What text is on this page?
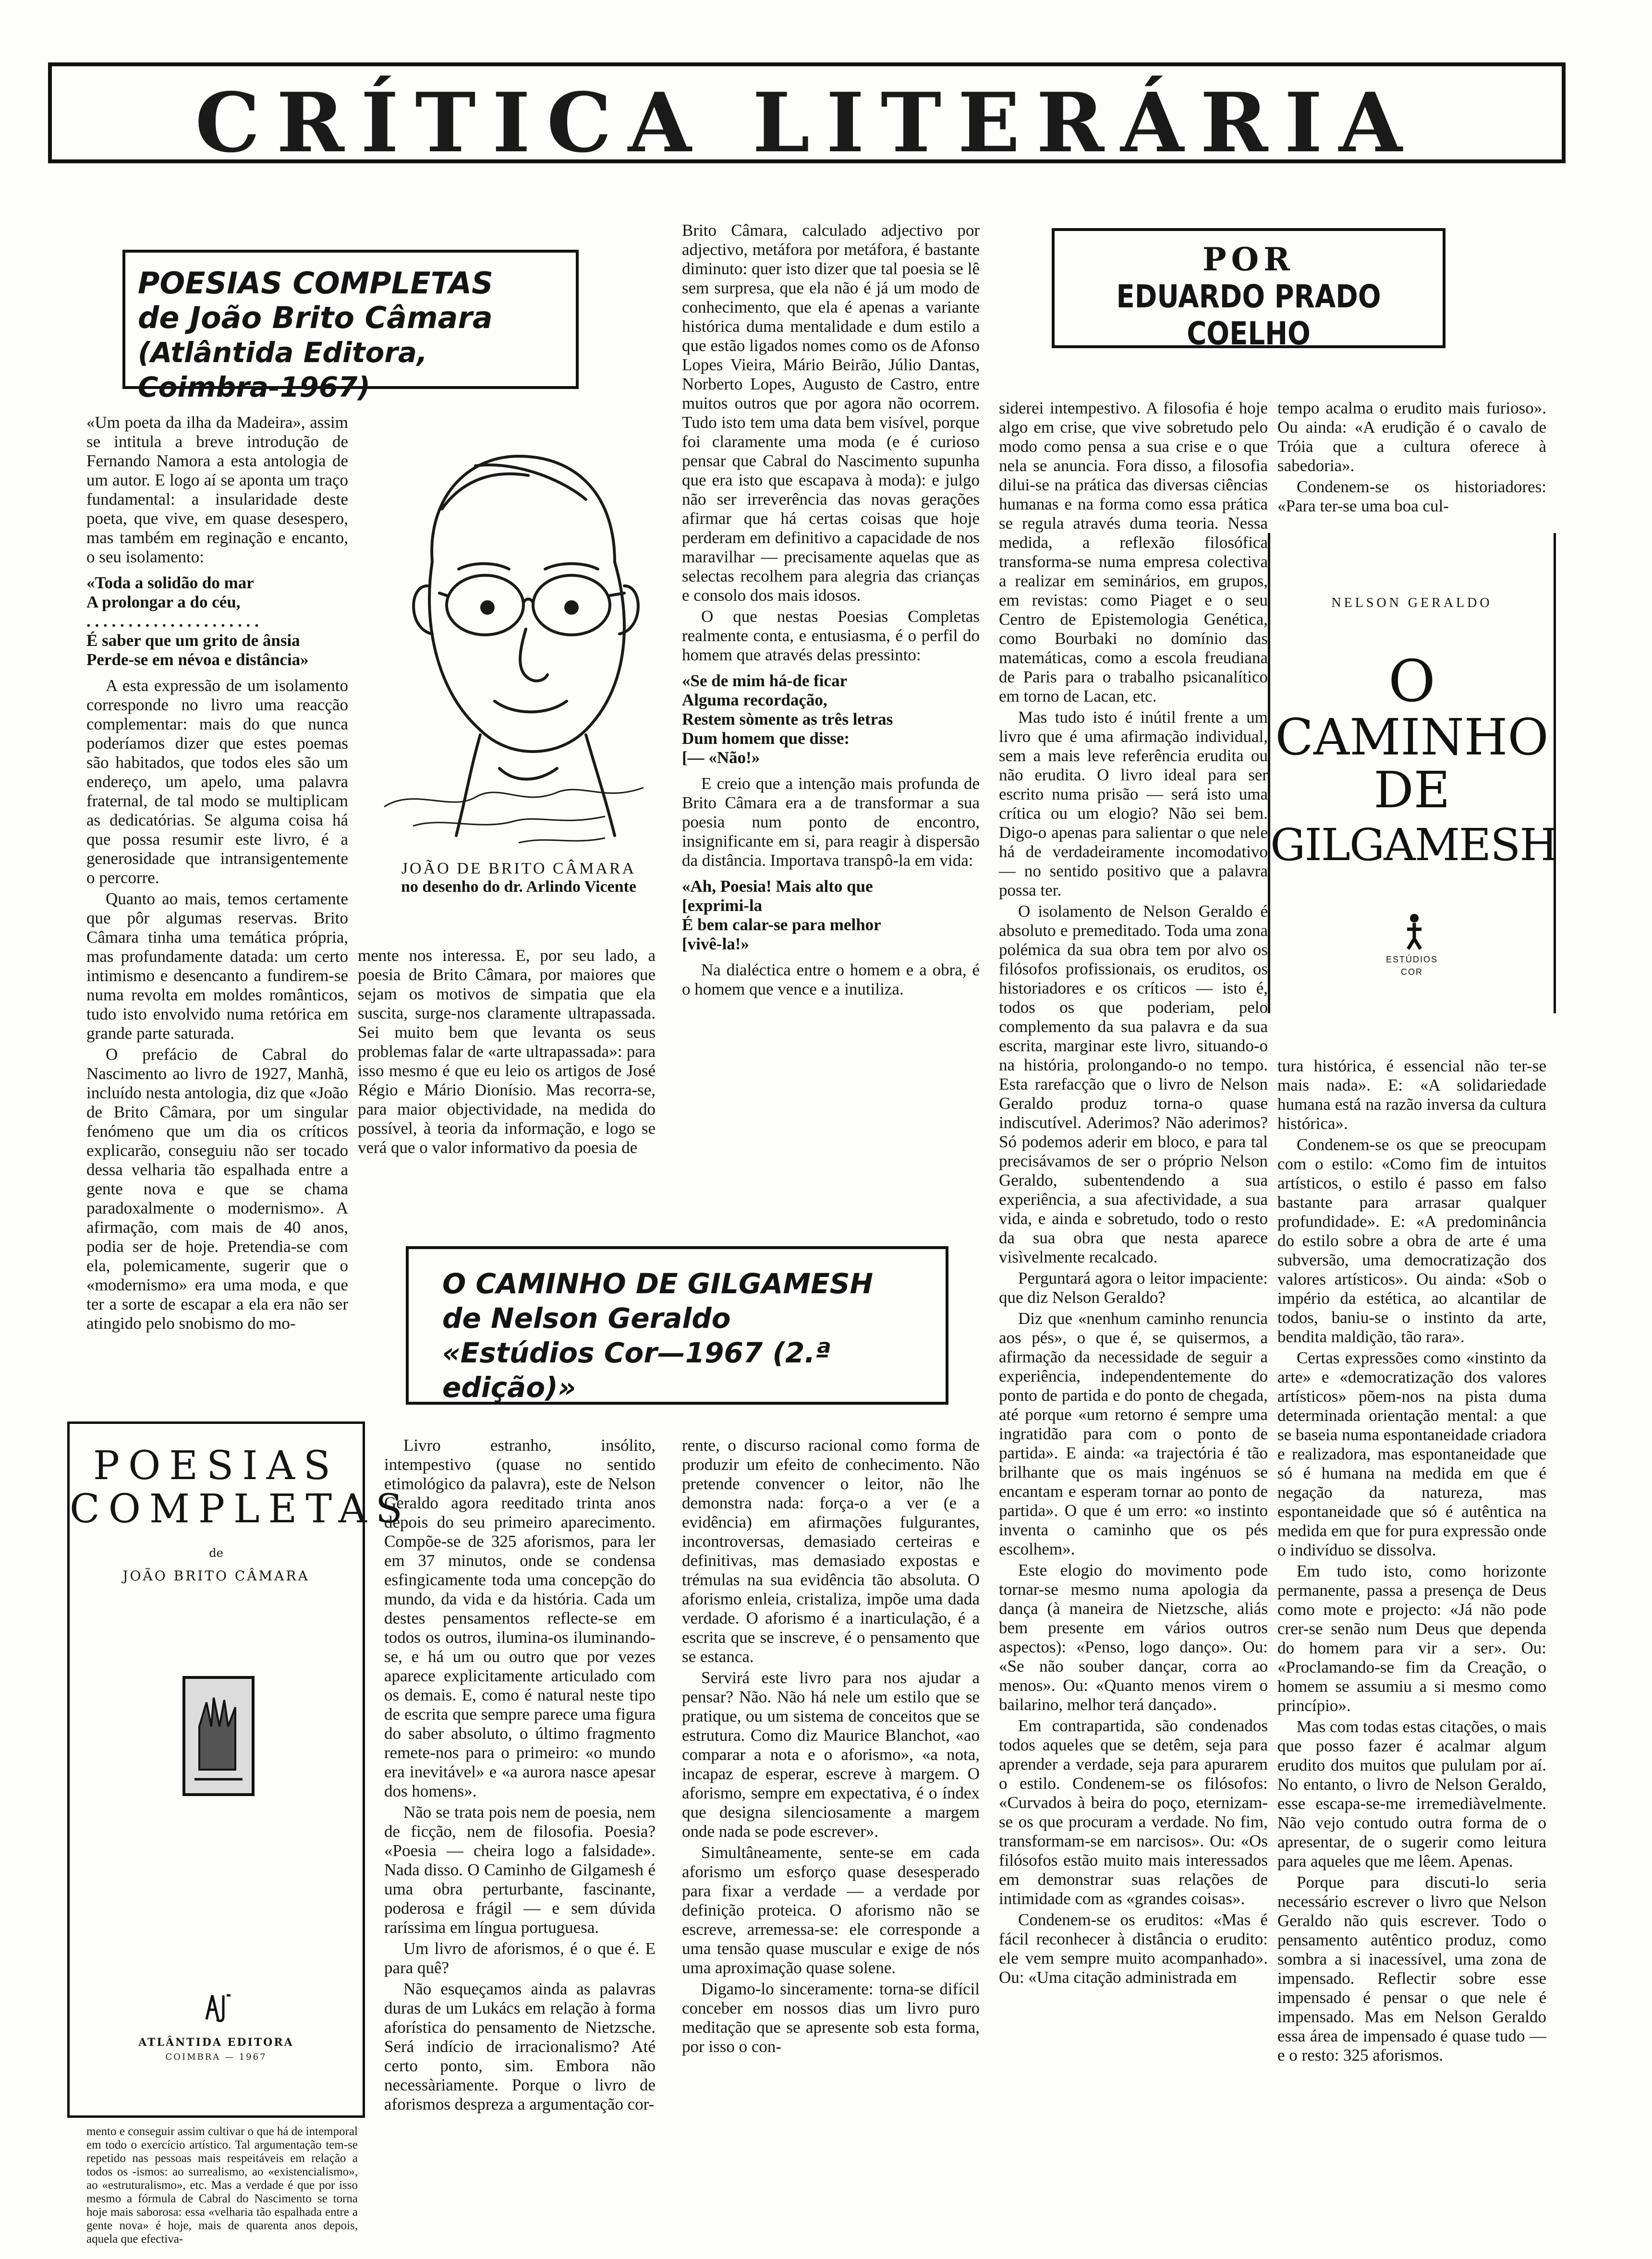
CRÍTICA LITERÁRIA
POESIAS COMPLETAS
de João Brito Câmara
(Atlântida Editora, Coimbra-1967)
POR
EDUARDO PRADO COELHO
JOÃO DE BRITO CÂMARA
no desenho do dr. Arlindo Vicente

«Um poeta da ilha da Madeira», assim se intitula a breve introdução de Fernando Namora a esta antologia de um autor. E logo aí se aponta um traço fundamental: a insularidade deste poeta, que vive, em quase desespero, mas também em reginação e encanto, o seu isolamento:

«Toda a solidão do mar
A prolongar a do céu,
. . . . . . . . . . . . . . . . . . . . .
É saber que um grito de ânsia
Perde-se em névoa e distância»

A esta expressão de um isolamento corresponde no livro uma reacção complementar: mais do que nunca poderíamos dizer que estes poemas são habitados, que todos eles são um endereço, um apelo, uma palavra fraternal, de tal modo se multiplicam as dedicatórias. Se alguma coisa há que possa resumir este livro, é a generosidade que intransigentemente o percorre.

Quanto ao mais, temos certamente que pôr algumas reservas. Brito Câmara tinha uma temática própria, mas profundamente datada: um certo intimismo e desencanto a fundirem-se numa revolta em moldes românticos, tudo isto envolvido numa retórica em grande parte saturada.

O prefácio de Cabral do Nascimento ao livro de 1927, Manhã, incluído nesta antologia, diz que «João de Brito Câmara, por um singular fenómeno que um dia os críticos explicarão, conseguiu não ser tocado dessa velharia tão espalhada entre a gente nova e que se chama paradoxalmente o modernismo». A afirmação, com mais de 40 anos, podia ser de hoje. Pretendia-se com ela, polemicamente, sugerir que o «modernismo» era uma moda, e que ter a sorte de escapar a ela era não ser atingido pelo snobismo do mo-

mente nos interessa. E, por seu lado, a poesia de Brito Câmara, por maiores que sejam os motivos de simpatia que ela suscita, surge-nos claramente ultrapassada. Sei muito bem que levanta os seus problemas falar de «arte ultrapassada»: para isso mesmo é que eu leio os artigos de José Régio e Mário Dionísio. Mas recorra-se, para maior objectividade, na medida do possível, à teoria da informação, e logo se verá que o valor informativo da poesia de

Brito Câmara, calculado adjectivo por adjectivo, metáfora por metáfora, é bastante diminuto: quer isto dizer que tal poesia se lê sem surpresa, que ela não é já um modo de conhecimento, que ela é apenas a variante histórica duma mentalidade e dum estilo a que estão ligados nomes como os de Afonso Lopes Vieira, Mário Beirão, Júlio Dantas, Norberto Lopes, Augusto de Castro, entre muitos outros que por agora não ocorrem. Tudo isto tem uma data bem visível, porque foi claramente uma moda (e é curioso pensar que Cabral do Nascimento supunha que era isto que escapava à moda): e julgo não ser irreverência das novas gerações afirmar que há certas coisas que hoje perderam em definitivo a capacidade de nos maravilhar — precisamente aquelas que as selectas recolhem para alegria das crianças e consolo dos mais idosos.

O que nestas Poesias Completas realmente conta, e entusiasma, é o perfil do homem que através delas pressinto:

«Se de mim há-de ficar
Alguma recordação,
Restem sòmente as três letras
Dum homem que disse:
[— «Não!»

E creio que a intenção mais profunda de Brito Câmara era a de transformar a sua poesia num ponto de encontro, insignificante em si, para reagir à dispersão da distância. Importava transpô-la em vida:

«Ah, Poesia! Mais alto que
[exprimi-la
É bem calar-se para melhor
[vivê-la!»

Na dialéctica entre o homem e a obra, é o homem que vence e a inutiliza.

O CAMINHO DE GILGAMESH
de Nelson Geraldo
«Estúdios Cor—1967 (2.ª edição)»
POESIAS
COMPLETAS
de
JOÃO BRITO CÂMARA
ATLÂNTIDA EDITORA
COIMBRA — 1967

mento e conseguir assim cultivar o que há de intemporal em todo o exercício artístico. Tal argumentação tem-se repetido nas pessoas mais respeitáveis em relação a todos os -ismos: ao surrealismo, ao «existencialismo», ao «estruturalismo», etc. Mas a verdade é que por isso mesmo a fórmula de Cabral do Nascimento se torna hoje mais saborosa: essa «velharia tão espalhada entre a gente nova» é hoje, mais de quarenta anos depois, aquela que efectiva-

Livro estranho, insólito, intempestivo (quase no sentido etimológico da palavra), este de Nelson Geraldo agora reeditado trinta anos depois do seu primeiro aparecimento. Compõe-se de 325 aforismos, para ler em 37 minutos, onde se condensa esfingicamente toda uma concepção do mundo, da vida e da história. Cada um destes pensamentos reflecte-se em todos os outros, ilumina-os iluminando-se, e há um ou outro que por vezes aparece explicitamente articulado com os demais. E, como é natural neste tipo de escrita que sempre parece uma figura do saber absoluto, o último fragmento remete-nos para o primeiro: «o mundo era inevitável» e «a aurora nasce apesar dos homens».

Não se trata pois nem de poesia, nem de ficção, nem de filosofia. Poesia? «Poesia — cheira logo a falsidade». Nada disso. O Caminho de Gilgamesh é uma obra perturbante, fascinante, poderosa e frágil — e sem dúvida raríssima em língua portuguesa.

Um livro de aforismos, é o que é. E para quê?

Não esqueçamos ainda as palavras duras de um Lukács em relação à forma aforística do pensamento de Nietzsche. Será indício de irracionalismo? Até certo ponto, sim. Embora não necessàriamente. Porque o livro de aforismos despreza a argumentação cor-

rente, o discurso racional como forma de produzir um efeito de conhecimento. Não pretende convencer o leitor, não lhe demonstra nada: força-o a ver (e a evidência) em afirmações fulgurantes, incontroversas, demasiado certeiras e definitivas, mas demasiado expostas e trémulas na sua evidência tão absoluta. O aforismo enleia, cristaliza, impõe uma dada verdade. O aforismo é a inarticulação, é a escrita que se inscreve, é o pensamento que se estanca.

Servirá este livro para nos ajudar a pensar? Não. Não há nele um estilo que se pratique, ou um sistema de conceitos que se estrutura. Como diz Maurice Blanchot, «ao comparar a nota e o aforismo», «a nota, incapaz de esperar, escreve à margem. O aforismo, sempre em expectativa, é o índex que designa silenciosamente a margem onde nada se pode escrever».

Simultâneamente, sente-se em cada aforismo um esforço quase desesperado para fixar a verdade — a verdade por definição proteica. O aforismo não se escreve, arremessa-se: ele corresponde a uma tensão quase muscular e exige de nós uma aproximação quase solene.

Digamo-lo sinceramente: torna-se difícil conceber em nossos dias um livro puro meditação que se apresente sob esta forma, por isso o con-

siderei intempestivo. A filosofia é hoje algo em crise, que vive sobretudo pelo modo como pensa a sua crise e o que nela se anuncia. Fora disso, a filosofia dilui-se na prática das diversas ciências humanas e na forma como essa prática se regula através duma teoria. Nessa medida, a reflexão filosófica transforma-se numa empresa colectiva a realizar em seminários, em grupos, em revistas: como Piaget e o seu Centro de Epistemologia Genética, como Bourbaki no domínio das matemáticas, como a escola freudiana de Paris para o trabalho psicanalítico em torno de Lacan, etc.

Mas tudo isto é inútil frente a um livro que é uma afirmação individual, sem a mais leve referência erudita ou não erudita. O livro ideal para ser escrito numa prisão — será isto uma crítica ou um elogio? Não sei bem. Digo-o apenas para salientar o que nele há de verdadeiramente incomodativo — no sentido positivo que a palavra possa ter.

O isolamento de Nelson Geraldo é absoluto e premeditado. Toda uma zona polémica da sua obra tem por alvo os filósofos profissionais, os eruditos, os historiadores e os críticos — isto é, todos os que poderiam, pelo complemento da sua palavra e da sua escrita, marginar este livro, situando-o na história, prolongando-o no tempo. Esta rarefacção que o livro de Nelson Geraldo produz torna-o quase indiscutível. Aderimos? Não aderimos? Só podemos aderir em bloco, e para tal precisávamos de ser o próprio Nelson Geraldo, subentendendo a sua experiência, a sua afectividade, a sua vida, e ainda e sobretudo, todo o resto da sua obra que nesta aparece visìvelmente recalcado.

Perguntará agora o leitor impaciente: que diz Nelson Geraldo?

Diz que «nenhum caminho renuncia aos pés», o que é, se quisermos, a afirmação da necessidade de seguir a experiência, independentemente do ponto de partida e do ponto de chegada, até porque «um retorno é sempre uma ingratidão para com o ponto de partida». E ainda: «a trajectória é tão brilhante que os mais ingénuos se encantam e esperam tornar ao ponto de partida». O que é um erro: «o instinto inventa o caminho que os pés escolhem».

Este elogio do movimento pode tornar-se mesmo numa apologia da dança (à maneira de Nietzsche, aliás bem presente em vários outros aspectos): «Penso, logo danço». Ou: «Se não souber dançar, corra ao menos». Ou: «Quanto menos virem o bailarino, melhor terá dançado».

Em contrapartida, são condenados todos aqueles que se detêm, seja para aprender a verdade, seja para apurarem o estilo. Condenem-se os filósofos: «Curvados à beira do poço, eternizam-se os que procuram a verdade. No fim, transformam-se em narcisos». Ou: «Os filósofos estão muito mais interessados em demonstrar suas relações de intimidade com as «grandes coisas».

Condenem-se os eruditos: «Mas é fácil reconhecer à distância o erudito: ele vem sempre muito acompanhado». Ou: «Uma citação administrada em

tempo acalma o erudito mais furioso». Ou ainda: «A erudição é o cavalo de Tróia que a cultura oferece à sabedoria».

Condenem-se os historiadores: «Para ter-se uma boa cul-

NELSON GERALDO
O
CAMINHO
DE
GILGAMESH
ESTÚDIOS
COR

tura histórica, é essencial não ter-se mais nada». E: «A solidariedade humana está na razão inversa da cultura histórica».

Condenem-se os que se preocupam com o estilo: «Como fim de intuitos artísticos, o estilo é passo em falso bastante para arrasar qualquer profundidade». E: «A predominância do estilo sobre a obra de arte é uma subversão, uma democratização dos valores artísticos». Ou ainda: «Sob o império da estética, ao alcantilar de todos, baniu-se o instinto da arte, bendita maldição, tão rara».

Certas expressões como «instinto da arte» e «democratização dos valores artísticos» põem-nos na pista duma determinada orientação mental: a que se baseia numa espontaneidade criadora e realizadora, mas espontaneidade que só é humana na medida em que é negação da natureza, mas espontaneidade que só é autêntica na medida em que for pura expressão onde o indivíduo se dissolva.

Em tudo isto, como horizonte permanente, passa a presença de Deus como mote e projecto: «Já não pode crer-se senão num Deus que dependa do homem para vir a ser». Ou: «Proclamando-se fim da Creação, o homem se assumiu a si mesmo como princípio».

Mas com todas estas citações, o mais que posso fazer é acalmar algum erudito dos muitos que pululam por aí. No entanto, o livro de Nelson Geraldo, esse escapa-se-me irremediàvelmente. Não vejo contudo outra forma de o apresentar, de o sugerir como leitura para aqueles que me lêem. Apenas.

Porque para discuti-lo seria necessário escrever o livro que Nelson Geraldo não quis escrever. Todo o pensamento autêntico produz, como sombra a si inacessível, uma zona de impensado. Reflectir sobre esse impensado é pensar o que nele é impensado. Mas em Nelson Geraldo essa área de impensado é quase tudo — e o resto: 325 aforismos.
